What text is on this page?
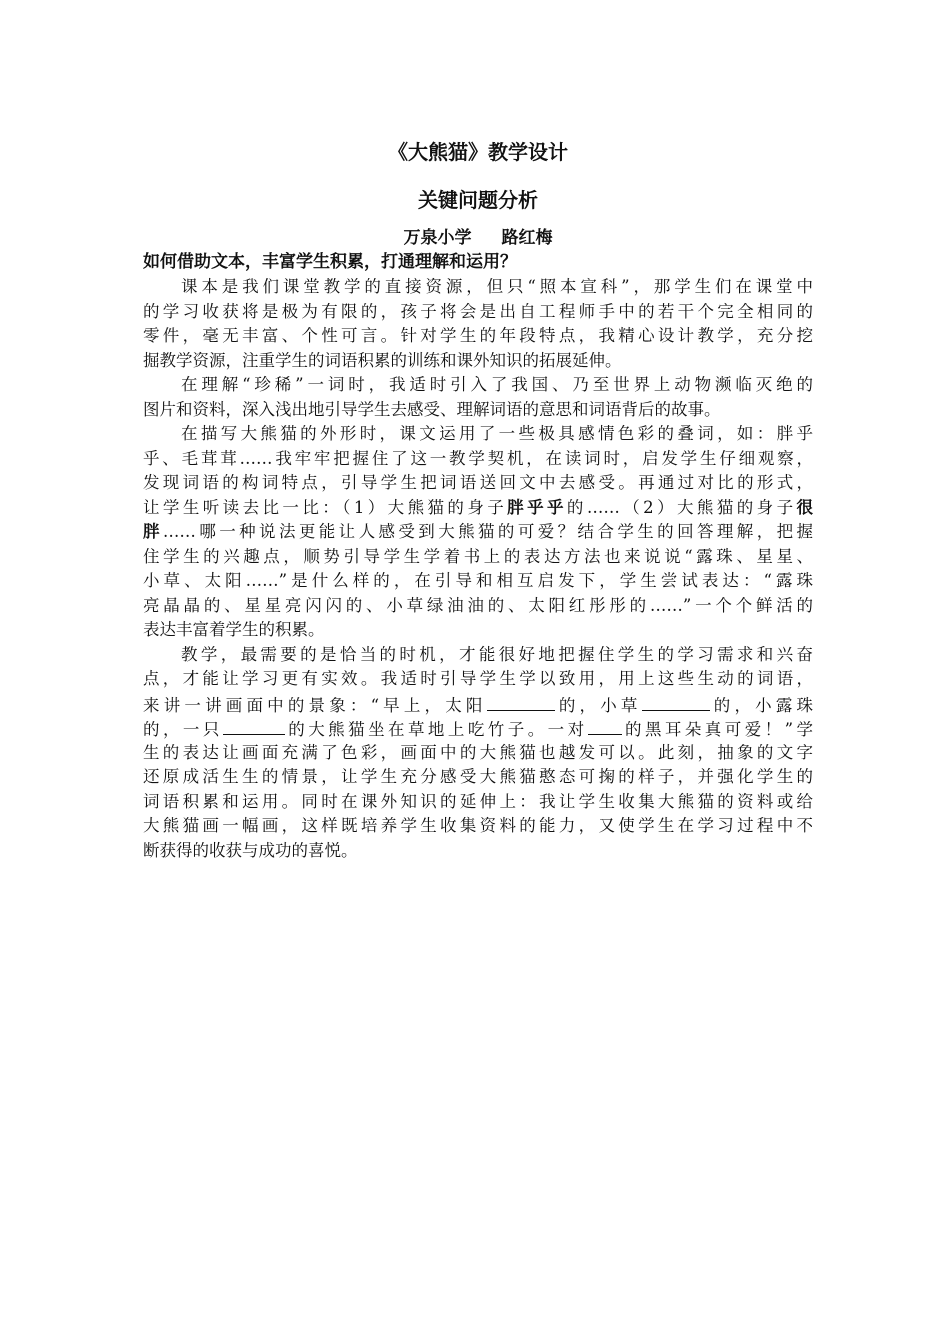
《大熊猫》教学设计
关键问题分析
万泉小学 路红梅
如何借助文本，丰富学生积累，打通理解和运用？
课本是我们课堂教学的直接资源，但只“照本宣科”，那学生们在课堂中
的学习收获将是极为有限的，孩子将会是出自工程师手中的若干个完全相同的
零件，毫无丰富、个性可言。针对学生的年段特点，我精心设计教学，充分挖
掘教学资源，注重学生的词语积累的训练和课外知识的拓展延伸。
在理解“珍稀”一词时，我适时引入了我国、乃至世界上动物濒临灭绝的
图片和资料，深入浅出地引导学生去感受、理解词语的意思和词语背后的故事。
在描写大熊猫的外形时，课文运用了一些极具感情色彩的叠词，如：胖乎
乎、毛茸茸……我牢牢把握住了这一教学契机，在读词时，启发学生仔细观察，
发现词语的构词特点，引导学生把词语送回文中去感受。再通过对比的形式，
让学生听读去比一比：（1）大熊猫的身子胖乎乎的……（2）大熊猫的身子很
胖……哪一种说法更能让人感受到大熊猫的可爱？结合学生的回答理解，把握
住学生的兴趣点，顺势引导学生学着书上的表达方法也来说说“露珠、星星、
小草、太阳……”是什么样的，在引导和相互启发下，学生尝试表达：“露珠
亮晶晶的、星星亮闪闪的、小草绿油油的、太阳红彤彤的……”一个个鲜活的
表达丰富着学生的积累。
教学，最需要的是恰当的时机，才能很好地把握住学生的学习需求和兴奋
点，才能让学习更有实效。我适时引导学生学以致用，用上这些生动的词语，
来讲一讲画面中的景象：“早上，太阳	的，小草	的，小露珠
的，一只	的大熊猫坐在草地上吃竹子。一对 的黑耳朵真可爱！”学
生的表达让画面充满了色彩，画面中的大熊猫也越发可以。此刻，抽象的文字
还原成活生生的情景，让学生充分感受大熊猫憨态可掬的样子，并强化学生的
词语积累和运用。同时在课外知识的延伸上：我让学生收集大熊猫的资料或给
大熊猫画一幅画，这样既培养学生收集资料的能力，又使学生在学习过程中不
断获得的收获与成功的喜悦。
